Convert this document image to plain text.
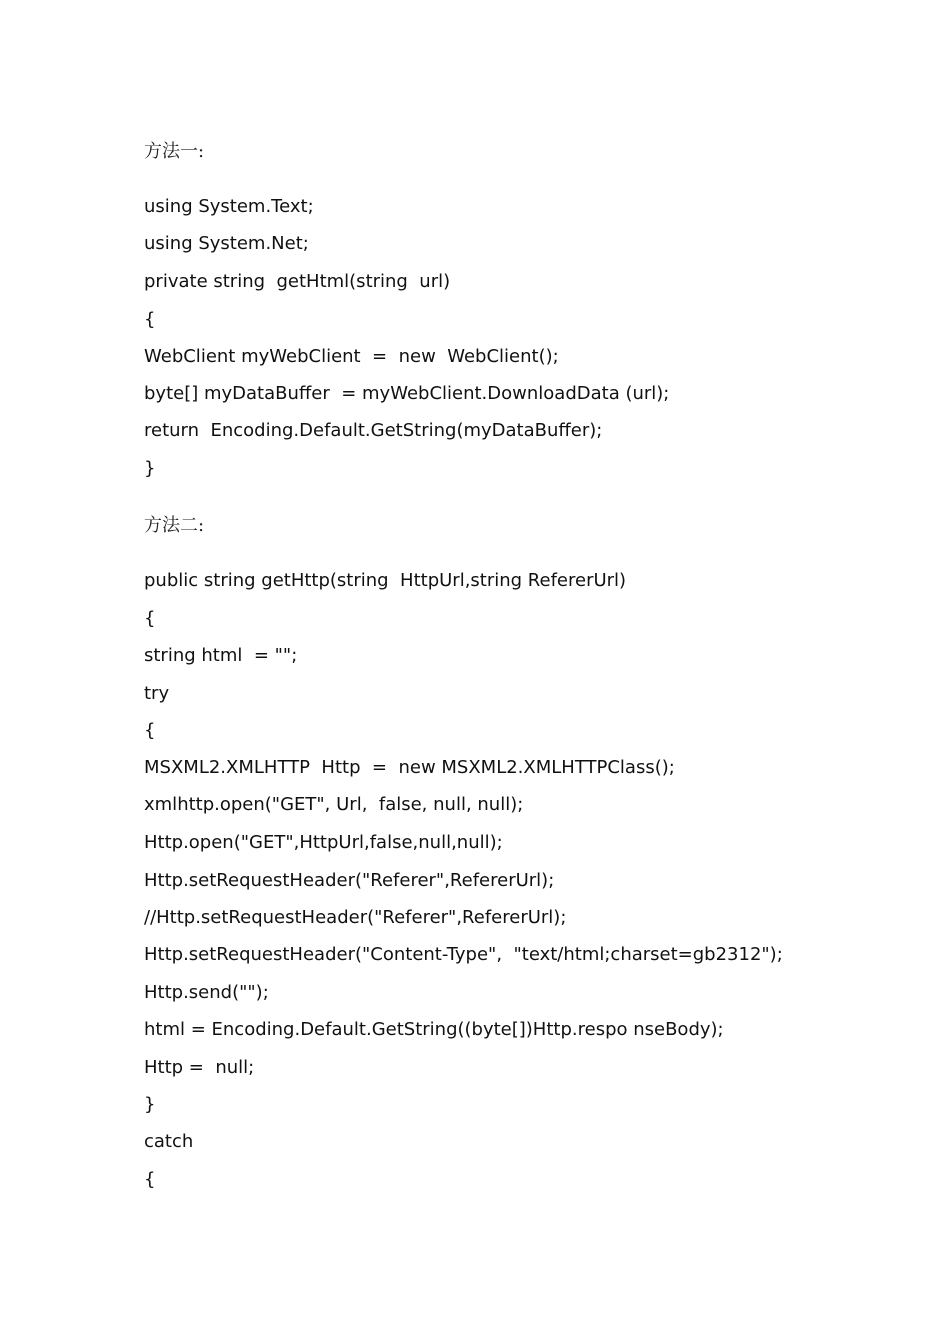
方法一:
using System.Text;
using System.Net;
private string  getHtml(string  url)
{
WebClient myWebClient  =  new  WebClient();
byte[] myDataBuffer  = myWebClient.DownloadData (url);
return  Encoding.Default.GetString(myDataBuffer);
}
方法二:
public string getHttp(string  HttpUrl,string RefererUrl)
{
string html  = "";
try
{
MSXML2.XMLHTTP  Http  =  new MSXML2.XMLHTTPClass();
xmlhttp.open("GET", Url,  false, null, null);
Http.open("GET",HttpUrl,false,null,null);
Http.setRequestHeader("Referer",RefererUrl);
//Http.setRequestHeader("Referer",RefererUrl);
Http.setRequestHeader("Content-Type",  "text/html;charset=gb2312");
Http.send("");
html = Encoding.Default.GetString((byte[])Http.respo nseBody);
Http =  null;
}
catch
{
